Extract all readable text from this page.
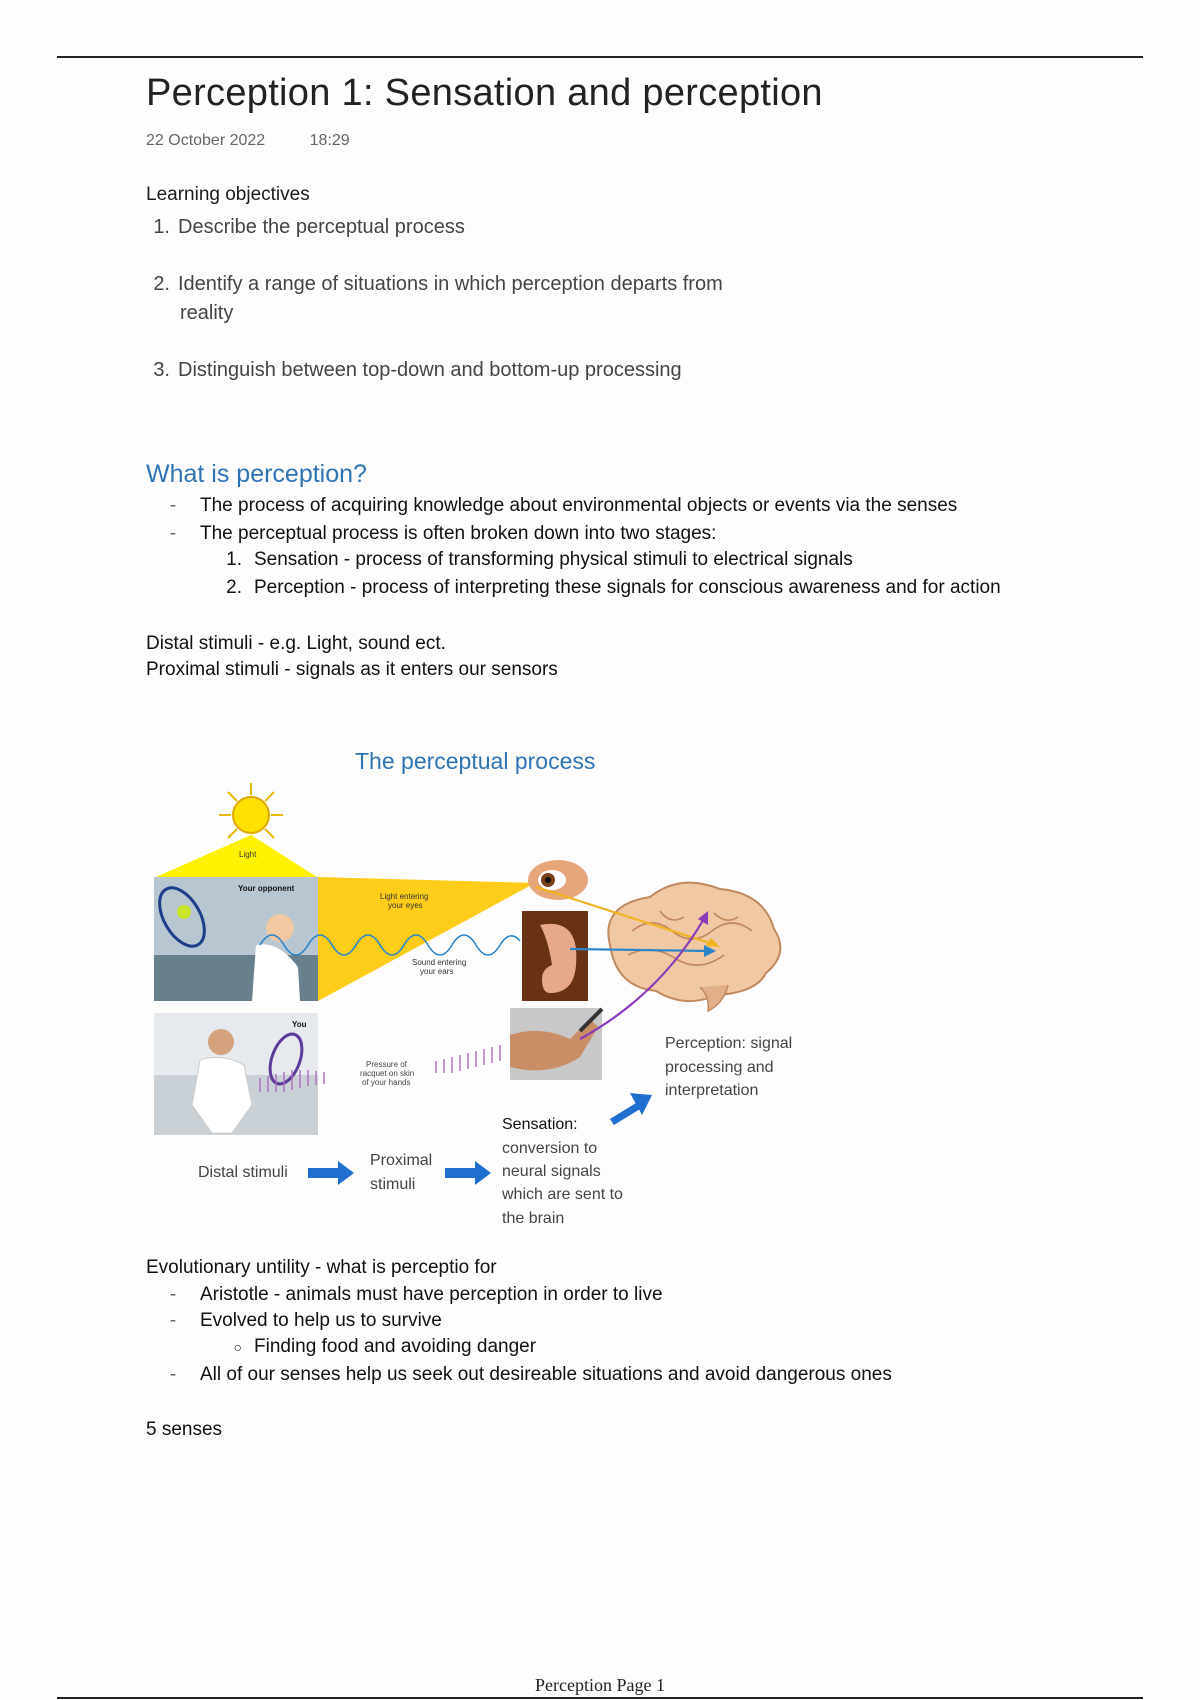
Perception 1: Sensation and perception
22 October 2022	18:29
Learning objectives
1. Describe the perceptual process
2. Identify a range of situations in which perception departs from
reality
3. Distinguish between top-down and bottom-up processing
What is perception?
- The process of acquiring knowledge about environmental objects or events via the senses
- The perceptual process is often broken down into two stages:
1. Sensation - process of transforming physical stimuli to electrical signals
2. Perception - process of interpreting these signals for conscious awareness and for action
Distal stimuli - e.g. Light, sound ect.
Proximal stimuli - signals as it enters our sensors
The perceptual process
Light
Your opponent
Light entering
your eyes
Sound entering
your ears
You
Pressure of
racquet on skin
of your hands
Distal stimuli
Proximal
stimuli
Sensation:
conversion to
neural signals
which are sent to
the brain
Perception: signal
processing and
interpretation
Evolutionary untility - what is perceptio for
- Aristotle - animals must have perception in order to live
- Evolved to help us to survive
○ Finding food and avoiding danger
- All of our senses help us seek out desireable situations and avoid dangerous ones
5 senses
Perception Page 1
